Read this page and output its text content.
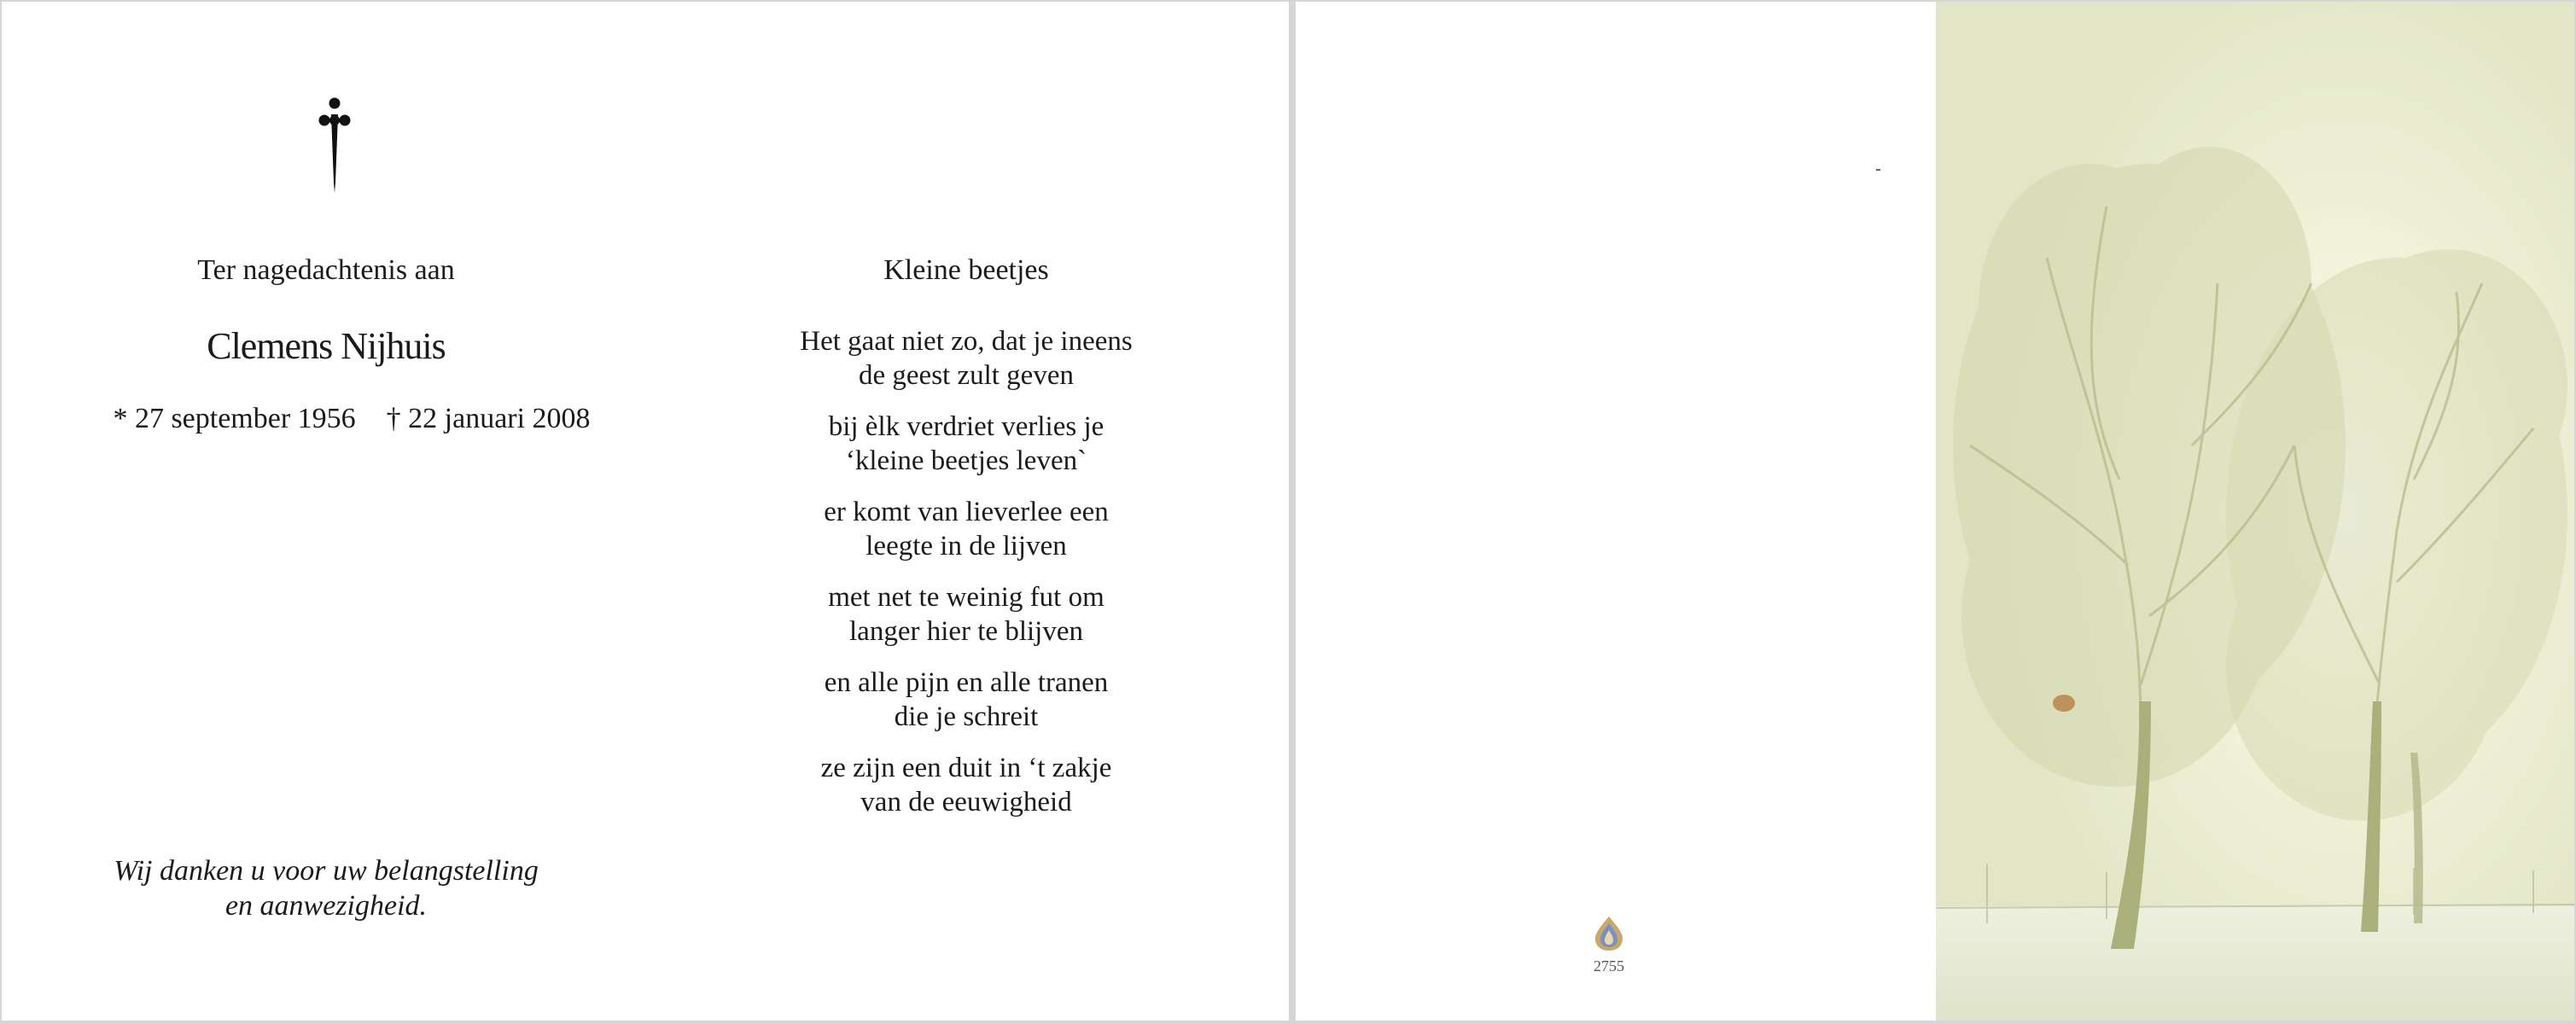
Ter nagedachtenis aan
Clemens Nijhuis
* 27 september 1956 † 22 januari 2008
Wij danken u voor uw belangstelling
en aanwezigheid.
Kleine beetjes
Het gaat niet zo, dat je ineens
de geest zult geven
bij èlk verdriet verlies je
‘kleine beetjes leven`
er komt van lieverlee een
leegte in de lijven
met net te weinig fut om
langer hier te blijven
en alle pijn en alle tranen
die je schreit
ze zijn een duit in ‘t zakje
van de eeuwigheid
2755
